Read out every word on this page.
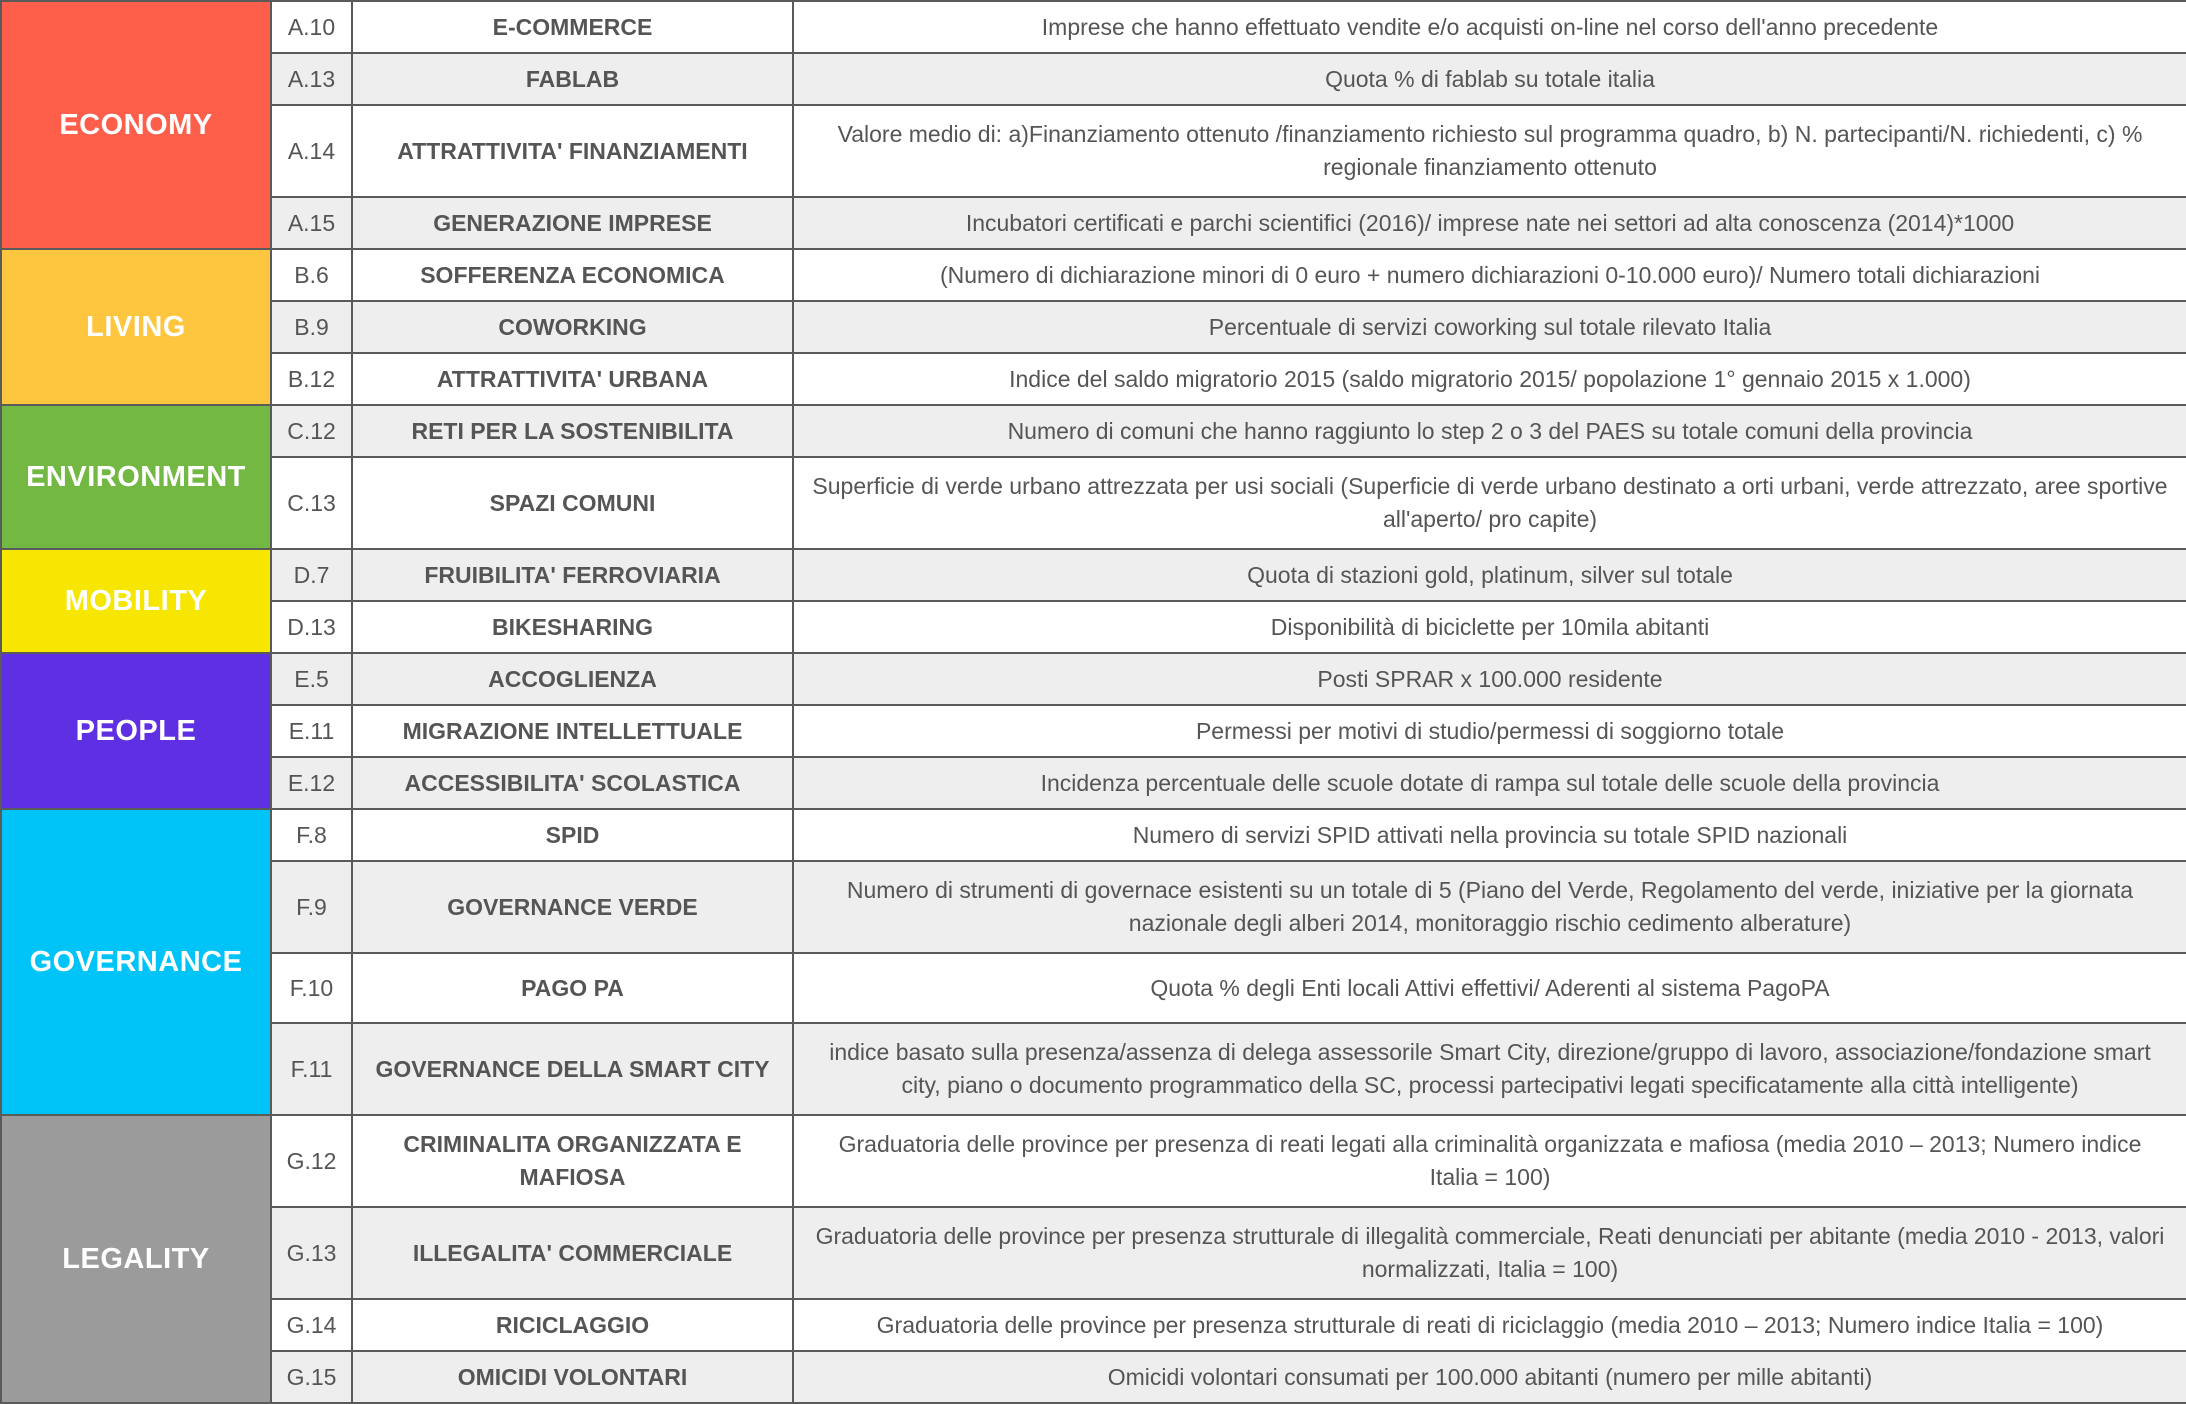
ECONOMY	A.10	E-COMMERCE	Imprese che hanno effettuato vendite e/o acquisti on-line nel corso dell'anno precedente
	A.13	FABLAB	Quota % di fablab su totale italia
	A.14	ATTRATTIVITA' FINANZIAMENTI	Valore medio di: a)Finanziamento ottenuto /finanziamento richiesto sul programma quadro, b) N. partecipanti/N. richiedenti, c) % regionale finanziamento ottenuto
	A.15	GENERAZIONE IMPRESE	Incubatori certificati e parchi scientifici (2016)/ imprese nate nei settori ad alta conoscenza (2014)*1000
LIVING	B.6	SOFFERENZA ECONOMICA	(Numero di dichiarazione minori di 0 euro + numero dichiarazioni 0-10.000 euro)/ Numero totali dichiarazioni
	B.9	COWORKING	Percentuale di servizi coworking sul totale rilevato Italia
	B.12	ATTRATTIVITA' URBANA	Indice del saldo migratorio 2015 (saldo migratorio 2015/ popolazione 1° gennaio 2015 x 1.000)
ENVIRONMENT	C.12	RETI PER LA SOSTENIBILITA	Numero di comuni che hanno raggiunto lo step 2 o 3 del PAES su totale comuni della provincia
	C.13	SPAZI COMUNI	Superficie di verde urbano attrezzata per usi sociali (Superficie di verde urbano destinato a orti urbani, verde attrezzato, aree sportive all'aperto/ pro capite)
MOBILITY	D.7	FRUIBILITA' FERROVIARIA	Quota di stazioni gold, platinum, silver sul totale
	D.13	BIKESHARING	Disponibilità di biciclette per 10mila abitanti
PEOPLE	E.5	ACCOGLIENZA	Posti SPRAR x 100.000 residente
	E.11	MIGRAZIONE INTELLETTUALE	Permessi per motivi di studio/permessi di soggiorno totale
	E.12	ACCESSIBILITA' SCOLASTICA	Incidenza percentuale delle scuole dotate di rampa sul totale delle scuole della provincia
GOVERNANCE	F.8	SPID	Numero di servizi SPID attivati nella provincia su totale SPID nazionali
	F.9	GOVERNANCE VERDE	Numero di strumenti di governace esistenti su un totale di 5 (Piano del Verde, Regolamento del verde, iniziative per la giornata nazionale degli alberi 2014, monitoraggio rischio cedimento alberature)
	F.10	PAGO PA	Quota % degli Enti locali Attivi effettivi/ Aderenti al sistema PagoPA
	F.11	GOVERNANCE DELLA SMART CITY	indice basato sulla presenza/assenza di delega assessorile Smart City, direzione/gruppo di lavoro, associazione/fondazione smart city, piano o documento programmatico della SC, processi partecipativi legati specificatamente alla città intelligente)
LEGALITY	G.12	CRIMINALITA ORGANIZZATA E MAFIOSA	Graduatoria delle province per presenza di reati legati alla criminalità organizzata e mafiosa (media 2010 – 2013; Numero indice Italia = 100)
	G.13	ILLEGALITA' COMMERCIALE	Graduatoria delle province per presenza strutturale di illegalità commerciale, Reati denunciati per abitante (media 2010 - 2013, valori normalizzati, Italia = 100)
	G.14	RICICLAGGIO	Graduatoria delle province per presenza strutturale di reati di riciclaggio (media 2010 – 2013; Numero indice Italia = 100)
	G.15	OMICIDI VOLONTARI	Omicidi volontari consumati per 100.000 abitanti (numero per mille abitanti)
